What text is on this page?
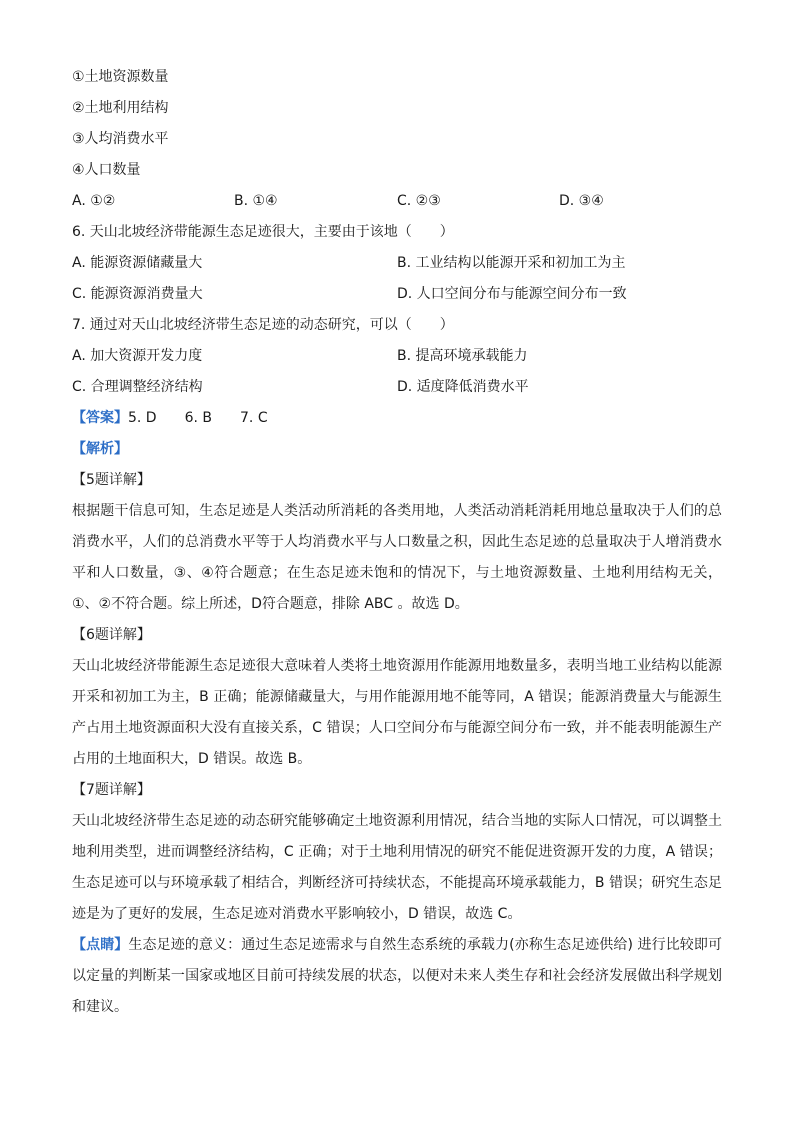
①土地资源数量
②土地利用结构
③人均消费水平
④人口数量
A. ①②	B. ①④	C. ②③	D. ③④
6. 天山北坡经济带能源生态足迹很大，主要由于该地（　　）
A. 能源资源储藏量大	B. 工业结构以能源开采和初加工为主
C. 能源资源消费量大	D. 人口空间分布与能源空间分布一致
7. 通过对天山北坡经济带生态足迹的动态研究，可以（　　）
A. 加大资源开发力度	B. 提高环境承载能力
C. 合理调整经济结构	D. 适度降低消费水平
【答案】5. D 6. B 7. C
【解析】
【5题详解】

根据题干信息可知，生态足迹是人类活动所消耗的各类用地，人类活动消耗消耗用地总量取决于人们的总消费水平，人们的总消费水平等于人均消费水平与人口数量之积，因此生态足迹的总量取决于人增消费水平和人口数量，③、④符合题意；在生态足迹未饱和的情况下，与土地资源数量、土地利用结构无关，①、②不符合题。综上所述，D符合题意，排除 ABC 。故选 D。

【6题详解】

天山北坡经济带能源生态足迹很大意味着人类将土地资源用作能源用地数量多，表明当地工业结构以能源开采和初加工为主，B 正确；能源储藏量大，与用作能源用地不能等同，A 错误；能源消费量大与能源生产占用土地资源面积大没有直接关系，C 错误；人口空间分布与能源空间分布一致，并不能表明能源生产占用的土地面积大，D 错误。故选 B。

【7题详解】

天山北坡经济带生态足迹的动态研究能够确定土地资源利用情况，结合当地的实际人口情况，可以调整土地利用类型，进而调整经济结构，C 正确；对于土地利用情况的研究不能促进资源开发的力度，A 错误；生态足迹可以与环境承载了相结合，判断经济可持续状态，不能提高环境承载能力，B 错误；研究生态足迹是为了更好的发展，生态足迹对消费水平影响较小，D 错误，故选 C。

【点睛】生态足迹的意义：通过生态足迹需求与自然生态系统的承载力(亦称生态足迹供给) 进行比较即可以定量的判断某一国家或地区目前可持续发展的状态，以便对未来人类生存和社会经济发展做出科学规划和建议。
